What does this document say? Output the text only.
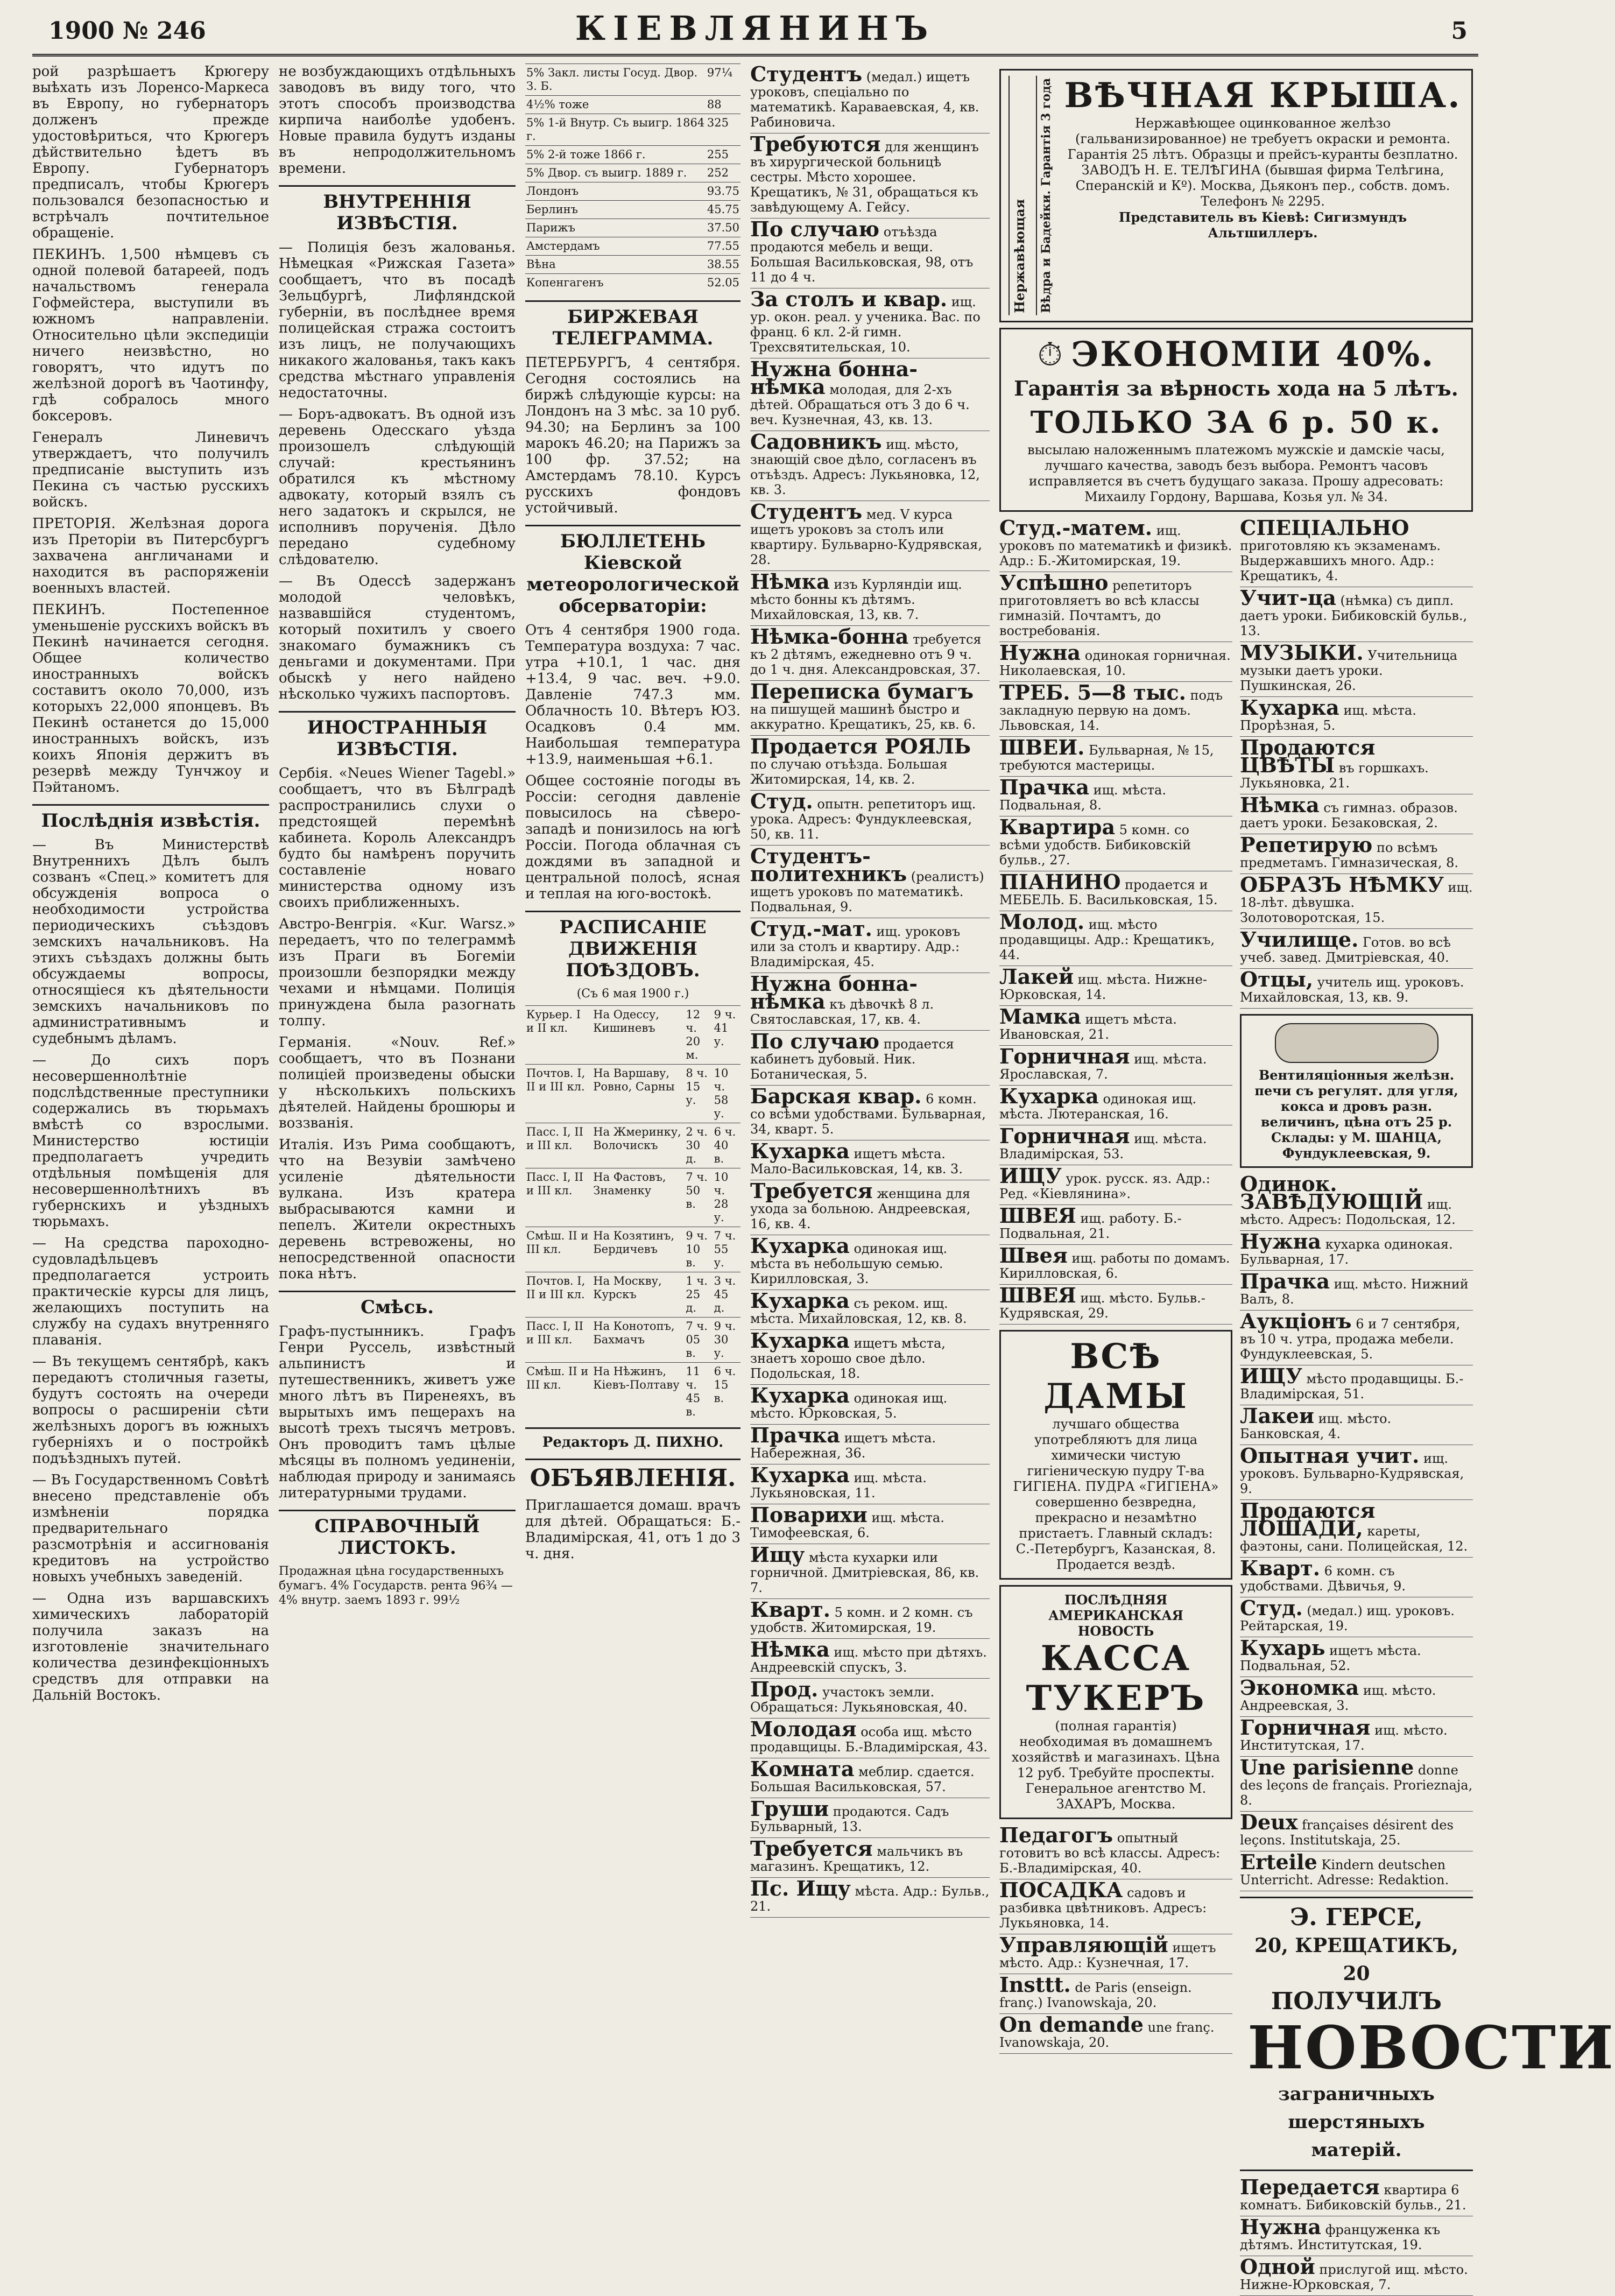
1900 № 246	КІЕВЛЯНИНЪ	5

рой разрѣшаетъ Крюгеру выѣхать изъ Лоренсо-Маркеса въ Европу, но губернаторъ долженъ прежде удостовѣриться, что Крюгеръ дѣйствительно ѣдетъ въ Европу. Губернаторъ предписалъ, чтобы Крюгеръ пользовался безопасностью и встрѣчалъ почтительное обращеніе.

ПЕКИНЪ. 1,500 нѣмцевъ съ одной полевой батареей, подъ начальствомъ генерала Гофмейстера, выступили въ южномъ направленіи. Относительно цѣли экспедиціи ничего неизвѣстно, но говорятъ, что идутъ по желѣзной дорогѣ въ Чаотинфу, гдѣ собралось много боксеровъ.

Генералъ Линевичъ утверждаетъ, что получилъ предписаніе выступить изъ Пекина съ частью русскихъ войскъ.

ПРЕТОРІЯ. Желѣзная дорога изъ Преторіи въ Питерсбургъ захвачена англичанами и находится въ распоряженіи военныхъ властей.

ПЕКИНЪ. Постепенное уменьшеніе русскихъ войскъ въ Пекинѣ начинается сегодня. Общее количество иностранныхъ войскъ составитъ около 70,000, изъ которыхъ 22,000 японцевъ. Въ Пекинѣ останется до 15,000 иностранныхъ войскъ, изъ коихъ Японія держитъ въ резервѣ между Тунчжоу и Пэйтаномъ.

Послѣднія извѣстія.

— Въ Министерствѣ Внутреннихъ Дѣлъ былъ созванъ «Спец.» комитетъ для обсужденія вопроса о необходимости устройства периодическихъ съѣздовъ земскихъ начальниковъ. На этихъ съѣздахъ должны быть обсуждаемы вопросы, относящіеся къ дѣятельности земскихъ начальниковъ по административнымъ и судебнымъ дѣламъ.

— До сихъ поръ несовершеннолѣтніе подслѣдственные преступники содержались въ тюрьмахъ вмѣстѣ со взрослыми. Министерство юстиціи предполагаетъ учредить отдѣльныя помѣщенія для несовершеннолѣтнихъ въ губернскихъ и уѣздныхъ тюрьмахъ.

— На средства пароходно-судовладѣльцевъ предполагается устроить практическіе курсы для лицъ, желающихъ поступить на службу на судахъ внутренняго плаванія.

— Въ текущемъ сентябрѣ, какъ передаютъ столичныя газеты, будутъ состоять на очереди вопросы о расширеніи сѣти желѣзныхъ дорогъ въ южныхъ губерніяхъ и о постройкѣ подъѣздныхъ путей.

— Въ Государственномъ Совѣтѣ внесено представленіе объ измѣненіи порядка предварительнаго разсмотрѣнія и ассигнованія кредитовъ на устройство новыхъ учебныхъ заведеній.

— Одна изъ варшавскихъ химическихъ лабораторій получила заказъ на изготовленіе значительнаго количества дезинфекціонныхъ средствъ для отправки на Дальній Востокъ.

не возбуждающихъ отдѣльныхъ заводовъ въ виду того, что этотъ способъ производства кирпича наиболѣе удобенъ. Новые правила будутъ изданы въ непродолжительномъ времени.

ВНУТРЕННІЯ ИЗВѢСТІЯ.

— Полиція безъ жалованья. Нѣмецкая «Рижская Газета» сообщаетъ, что въ посадѣ Зельцбургѣ, Лифляндской губерніи, въ послѣднее время полицейская стража состоитъ изъ лицъ, не получающихъ никакого жалованья, такъ какъ средства мѣстнаго управленія недостаточны.

— Боръ-адвокатъ. Въ одной изъ деревень Одесскаго уѣзда произошелъ слѣдующій случай: крестьянинъ обратился къ мѣстному адвокату, который взялъ съ него задатокъ и скрылся, не исполнивъ порученія. Дѣло передано судебному слѣдователю.

— Въ Одессѣ задержанъ молодой человѣкъ, назвавшійся студентомъ, который похитилъ у своего знакомаго бумажникъ съ деньгами и документами. При обыскѣ у него найдено нѣсколько чужихъ паспортовъ.

ИНОСТРАННЫЯ ИЗВѢСТІЯ.

Сербія. «Neues Wiener Tagebl.» сообщаетъ, что въ Бѣлградѣ распространились слухи о предстоящей перемѣнѣ кабинета. Король Александръ будто бы намѣренъ поручить составленіе новаго министерства одному изъ своихъ приближенныхъ.

Австро-Венгрія. «Kur. Warsz.» передаетъ, что по телеграммѣ изъ Праги въ Богеміи произошли безпорядки между чехами и нѣмцами. Полиція принуждена была разогнать толпу.

Германія. «Nouv. Ref.» сообщаетъ, что въ Познани полиціей произведены обыски у нѣсколькихъ польскихъ дѣятелей. Найдены брошюры и воззванія.

Италія. Изъ Рима сообщаютъ, что на Везувіи замѣчено усиленіе дѣятельности вулкана. Изъ кратера выбрасываются камни и пепелъ. Жители окрестныхъ деревень встревожены, но непосредственной опасности пока нѣтъ.

Смѣсь.

Графъ-пустынникъ. Графъ Генри Руссель, извѣстный альпинистъ и путешественникъ, живетъ уже много лѣтъ въ Пиренеяхъ, въ вырытыхъ имъ пещерахъ на высотѣ трехъ тысячъ метровъ. Онъ проводитъ тамъ цѣлые мѣсяцы въ полномъ уединеніи, наблюдая природу и занимаясь литературными трудами.

СПРАВОЧНЫЙ ЛИСТОКЪ.

Продажная цѣна государственныхъ бумагъ. 4% Государств. рента 96¾ — 4% внутр. заемъ 1893 г. 99½

5% Закл. листы Госуд. Двор. З. Б.	97¼
4½% тоже	88
5% 1-й Внутр. Съ выигр. 1864 г.	325
5% 2-й тоже 1866 г.	255
5% Двор. съ выигр. 1889 г.	252
Лондонъ	93.75
Берлинъ	45.75
Парижъ	37.50
Амстердамъ	77.55
Вѣна	38.55
Копенгагенъ	52.05
БИРЖЕВАЯ ТЕЛЕГРАММА.

ПЕТЕРБУРГЪ, 4 сентября. Сегодня состоялись на биржѣ слѣдующіе курсы: на Лондонъ на 3 мѣс. за 10 руб. 94.30; на Берлинъ за 100 марокъ 46.20; на Парижъ за 100 фр. 37.52; на Амстердамъ 78.10. Курсъ русскихъ фондовъ устойчивый.

БЮЛЛЕТЕНЬ Кіевской метеорологической обсерваторіи:

Отъ 4 сентября 1900 года. Температура воздуха: 7 час. утра +10.1, 1 час. дня +13.4, 9 час. веч. +9.0. Давленіе 747.3 мм. Облачность 10. Вѣтеръ ЮЗ. Осадковъ 0.4 мм. Наибольшая температура +13.9, наименьшая +6.1.

Общее состояніе погоды въ Россіи: сегодня давленіе повысилось на сѣверо-западѣ и понизилось на югѣ Россіи. Погода облачная съ дождями въ западной и центральной полосѣ, ясная и теплая на юго-востокѣ.

РАСПИСАНІЕ ДВИЖЕНІЯ ПОѢЗДОВЪ.
(Съ 6 мая 1900 г.)
Курьер. I и II кл.	На Одессу, Кишиневъ	12 ч. 20 м.	9 ч. 41 у.
Почтов. I, II и III кл.	На Варшаву, Ровно, Сарны	8 ч. 15 у.	10 ч. 58 у.
Пасс. I, II и III кл.	На Жмеринку, Волочискъ	2 ч. 30 д.	6 ч. 40 в.
Пасс. I, II и III кл.	На Фастовъ, Знаменку	7 ч. 50 в.	10 ч. 28 у.
Смѣш. II и III кл.	На Козятинъ, Бердичевъ	9 ч. 10 в.	7 ч. 55 у.
Почтов. I, II и III кл.	На Москву, Курскъ	1 ч. 25 д.	3 ч. 45 д.
Пасс. I, II и III кл.	На Конотопъ, Бахмачъ	7 ч. 05 в.	9 ч. 30 у.
Смѣш. II и III кл.	На Нѣжинъ, Кіевъ-Полтаву	11 ч. 45 в.	6 ч. 15 в.
Редакторъ Д. ПИХНО.
ОБЪЯВЛЕНІЯ.

Приглашается домаш. врачъ для дѣтей. Обращаться: Б.-Владимірская, 41, отъ 1 до 3 ч. дня.

Студентъ (медал.) ищетъ уроковъ, спеціально по математикѣ. Караваевская, 4, кв. Рабиновича.

Требуются для женщинъ въ хирургической больницѣ сестры. Мѣсто хорошее. Крещатикъ, № 31, обращаться къ завѣдующему А. Гейсу.

По случаю отъѣзда продаются мебель и вещи. Большая Васильковская, 98, отъ 11 до 4 ч.

За столъ и квар. ищ. ур. окон. реал. у ученика. Вас. по франц. 6 кл. 2-й гимн. Трехсвятительская, 10.

Нужна бонна-нѣмка молодая, для 2-хъ дѣтей. Обращаться отъ 3 до 6 ч. веч. Кузнечная, 43, кв. 13.

Садовникъ ищ. мѣсто, знающій свое дѣло, согласенъ въ отъѣздъ. Адресъ: Лукьяновка, 12, кв. 3.

Студентъ мед. V курса ищетъ уроковъ за столъ или квартиру. Бульварно-Кудрявская, 28.

Нѣмка изъ Курляндіи ищ. мѣсто бонны къ дѣтямъ. Михайловская, 13, кв. 7.

Нѣмка-бонна требуется къ 2 дѣтямъ, ежедневно отъ 9 ч. до 1 ч. дня. Александровская, 37.

Переписка бумагъ на пишущей машинѣ быстро и аккуратно. Крещатикъ, 25, кв. 6.

Продается РОЯЛЬ по случаю отъѣзда. Большая Житомирская, 14, кв. 2.

Студ. опытн. репетиторъ ищ. урока. Адресъ: Фундуклеевская, 50, кв. 11.

Студентъ-политехникъ (реалистъ) ищетъ уроковъ по математикѣ. Подвальная, 9.

Студ.-мат. ищ. уроковъ или за столъ и квартиру. Адр.: Владимірская, 45.

Нужна бонна-нѣмка къ дѣвочкѣ 8 л. Святославская, 17, кв. 4.

По случаю продается кабинетъ дубовый. Ник. Ботаническая, 5.

Барская квар. 6 комн. со всѣми удобствами. Бульварная, 34, кварт. 5.

Кухарка ищетъ мѣста. Мало-Васильковская, 14, кв. 3.

Требуется женщина для ухода за больною. Андреевская, 16, кв. 4.

Кухарка одинокая ищ. мѣста въ небольшую семью. Кирилловская, 3.

Кухарка съ реком. ищ. мѣста. Михайловская, 12, кв. 8.

Кухарка ищетъ мѣста, знаетъ хорошо свое дѣло. Подольская, 18.

Кухарка одинокая ищ. мѣсто. Юрковская, 5.

Прачка ищетъ мѣста. Набережная, 36.

Кухарка ищ. мѣста. Лукьяновская, 11.

Поварихи ищ. мѣста. Тимофеевская, 6.

Ищу мѣста кухарки или горничной. Дмитріевская, 86, кв. 7.

Кварт. 5 комн. и 2 комн. съ удобств. Житомирская, 19.

Нѣмка ищ. мѣсто при дѣтяхъ. Андреевскій спускъ, 3.

Прод. участокъ земли. Обращаться: Лукьяновская, 40.

Молодая особа ищ. мѣсто продавщицы. Б.-Владимірская, 43.

Комната меблир. сдается. Большая Васильковская, 57.

Груши продаются. Садъ Бульварный, 13.

Требуется мальчикъ въ магазинъ. Крещатикъ, 12.

Пс. Ищу мѣста. Адр.: Бульв., 21.

Нержавѣющая Вѣдра и Бадейки. Гарантія 3 года ВѢЧНАЯ КРЫША.
Нержавѣющее оцинкованное желѣзо (гальванизированное) не требуетъ окраски и ремонта. Гарантія 25 лѣтъ. Образцы и прейсъ-куранты безплатно. ЗАВОДЪ Н. Е. ТЕЛѢГИНА (бывшая фирма Телѣгина, Сперанскій и Кº). Москва, Дьяконъ пер., собств. домъ. Телефонъ № 2295.
Представитель въ Кіевѣ: Сигизмундъ Альтшиллеръ.
⏱ ЭКОНОМІИ 40%.
Гарантія за вѣрность хода на 5 лѣтъ.
ТОЛЬКО ЗА 6 р. 50 к.
высылаю наложеннымъ платежомъ мужскіе и дамскіе часы, лучшаго качества, заводъ безъ выбора. Ремонтъ часовъ исправляется въ счетъ будущаго заказа. Прошу адресовать: Михаилу Гордону, Варшава, Козья ул. № 34.

Студ.-матем. ищ. уроковъ по математикѣ и физикѣ. Адр.: Б.-Житомирская, 19.

Успѣшно репетиторъ приготовляетъ во всѣ классы гимназій. Почтамтъ, до востребованія.

Нужна одинокая горничная. Николаевская, 10.

ТРЕБ. 5—8 тыс. подъ закладную первую на домъ. Львовская, 14.

ШВЕИ. Бульварная, № 15, требуются мастерицы.

Прачка ищ. мѣста. Подвальная, 8.

Квартира 5 комн. со всѣми удобств. Бибиковскій бульв., 27.

ПІАНИНО продается и МЕБЕЛЬ. Б. Васильковская, 15.

Молод. ищ. мѣсто продавщицы. Адр.: Крещатикъ, 44.

Лакей ищ. мѣста. Нижне-Юрковская, 14.

Мамка ищетъ мѣста. Ивановская, 21.

Горничная ищ. мѣста. Ярославская, 7.

Кухарка одинокая ищ. мѣста. Лютеранская, 16.

Горничная ищ. мѣста. Владимірская, 53.

ИЩУ урок. русск. яз. Адр.: Ред. «Кіевлянина».

ШВЕЯ ищ. работу. Б.-Подвальная, 21.

Швея ищ. работы по домамъ. Кирилловская, 6.

ШВЕЯ ищ. мѣсто. Бульв.-Кудрявская, 29.

ВСѢ ДАМЫ
лучшаго общества употребляютъ для лица химически чистую гигіеническую пудру Т-ва ГИГІЕНА. ПУДРА «ГИГІЕНА» совершенно безвредна, прекрасно и незамѣтно пристаетъ. Главный складъ: С.-Петербургъ, Казанская, 8. Продается вездѣ.
ПОСЛѢДНЯЯ АМЕРИКАНСКАЯ НОВОСТЬ
КАССА ТУКЕРЪ
(полная гарантія) необходимая въ домашнемъ хозяйствѣ и магазинахъ. Цѣна 12 руб. Требуйте проспекты. Генеральное агентство М. ЗАХАРЪ, Москва.

Педагогъ опытный готовитъ во всѣ классы. Адресъ: Б.-Владимірская, 40.

ПОСАДКА садовъ и разбивка цвѣтниковъ. Адресъ: Лукьяновка, 14.

Управляющій ищетъ мѣсто. Адр.: Кузнечная, 17.

Insttt. de Paris (enseign. franç.) Ivanowskaja, 20.

On demande une franç. Ivanowskaja, 20.

СПЕЦІАЛЬНО приготовляю къ экзаменамъ. Выдержавшихъ много. Адр.: Крещатикъ, 4.

Учит-ца (нѣмка) съ дипл. даетъ уроки. Бибиковскій бульв., 13.

МУЗЫКИ. Учительница музыки даетъ уроки. Пушкинская, 26.

Кухарка ищ. мѣста. Прорѣзная, 5.

Продаются ЦВѢТЫ въ горшкахъ. Лукьяновка, 21.

Нѣмка съ гимназ. образов. даетъ уроки. Безаковская, 2.

Репетирую по всѣмъ предметамъ. Гимназическая, 8.

ОБРАЗЪ НѢМКУ ищ. 18-лѣт. дѣвушка. Золотоворотская, 15.

Училище. Готов. во всѣ учеб. завед. Дмитріевская, 40.

Отцы, учитель ищ. уроковъ. Михайловская, 13, кв. 9.

Вентиляціонныя желѣзн. печи съ регулят. для угля, кокса и дровъ разн. величинъ, цѣна отъ 25 р. Склады: у М. ШАНЦА, Фундуклеевская, 9.

Одинок. ЗАВѢДУЮЩІЙ ищ. мѣсто. Адресъ: Подольская, 12.

Нужна кухарка одинокая. Бульварная, 17.

Прачка ищ. мѣсто. Нижний Валъ, 8.

Аукціонъ 6 и 7 сентября, въ 10 ч. утра, продажа мебели. Фундуклеевская, 5.

ИЩУ мѣсто продавщицы. Б.-Владимірская, 51.

Лакеи ищ. мѣсто. Банковская, 4.

Опытная учит. ищ. уроковъ. Бульварно-Кудрявская, 9.

Продаются ЛОШАДИ, кареты, фаэтоны, сани. Полицейская, 12.

Кварт. 6 комн. съ удобствами. Дѣвичья, 9.

Студ. (медал.) ищ. уроковъ. Рейтарская, 19.

Кухарь ищетъ мѣста. Подвальная, 52.

Экономка ищ. мѣсто. Андреевская, 3.

Горничная ищ. мѣсто. Институтская, 17.

Une parisienne donne des leçons de français. Prorieznaja, 8.

Deux françaises désirent des leçons. Institutskaja, 25.

Erteile Kindern deutschen Unterricht. Adresse: Redaktion.

Э. ГЕРСЕ,
20, КРЕЩАТИКЪ, 20
ПОЛУЧИЛЪ
НОВОСТИ
заграничныхъ шерстяныхъ матерій.

Передается квартира 6 комнатъ. Бибиковскій бульв., 21.

Нужна француженка къ дѣтямъ. Институтская, 19.

Одной прислугой ищ. мѣсто. Нижне-Юрковская, 7.
